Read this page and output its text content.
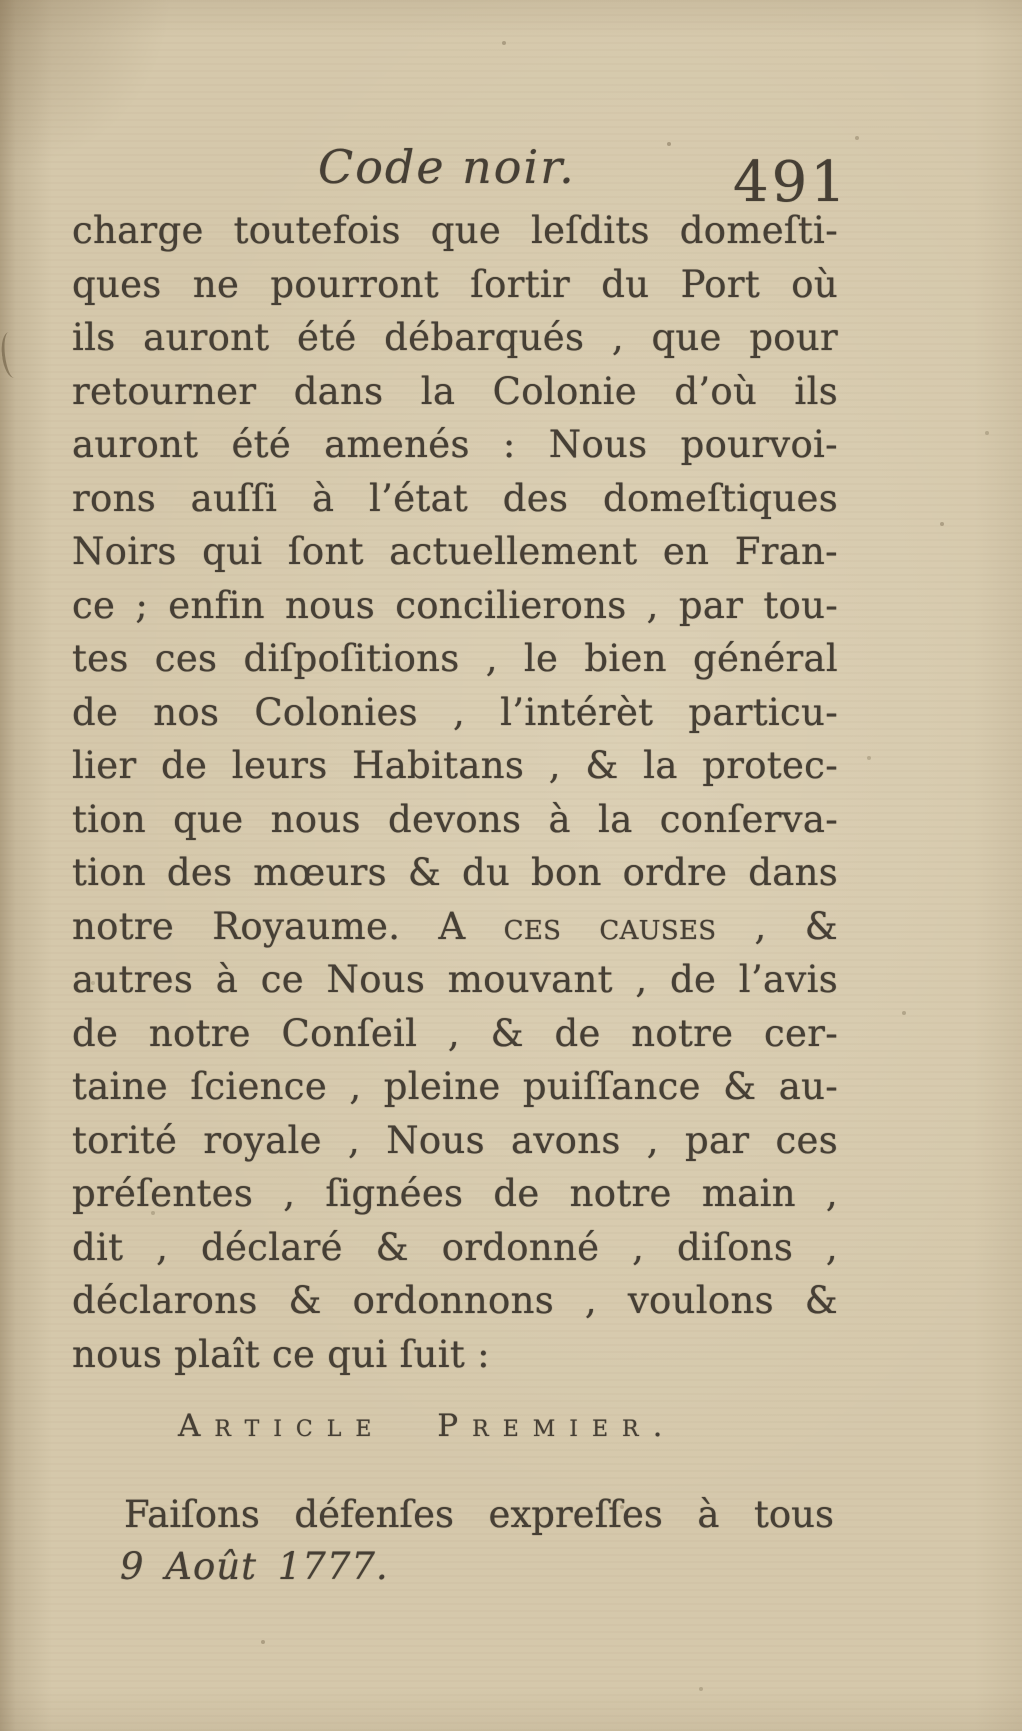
Code noir.	491
charge toutefois que leſdits domeſti-
ques ne pourront ſortir du Port où
ils auront été débarqués , que pour
retourner dans la Colonie d’où ils
auront été amenés : Nous pourvoi-
rons auſſi à l’état des domeſtiques
Noirs qui ſont actuellement en Fran-
ce ; enfin nous concilierons , par tou-
tes ces diſpoſitions , le bien général
de nos Colonies , l’intérèt particu-
lier de leurs Habitans , & la protec-
tion que nous devons à la conſerva-
tion des mœurs & du bon ordre dans
notre Royaume. A ces causes , &
autres à ce Nous mouvant , de l’avis
de notre Conſeil , & de notre cer-
taine ſcience , pleine puiſſance & au-
torité royale , Nous avons , par ces
préſentes , ſignées de notre main ,
dit , déclaré & ordonné , diſons ,
déclarons & ordonnons , voulons &
nous plaît ce qui ſuit :
Article Premier.
Faiſons défenſes expreſſes à tous
9 Août 1777.
